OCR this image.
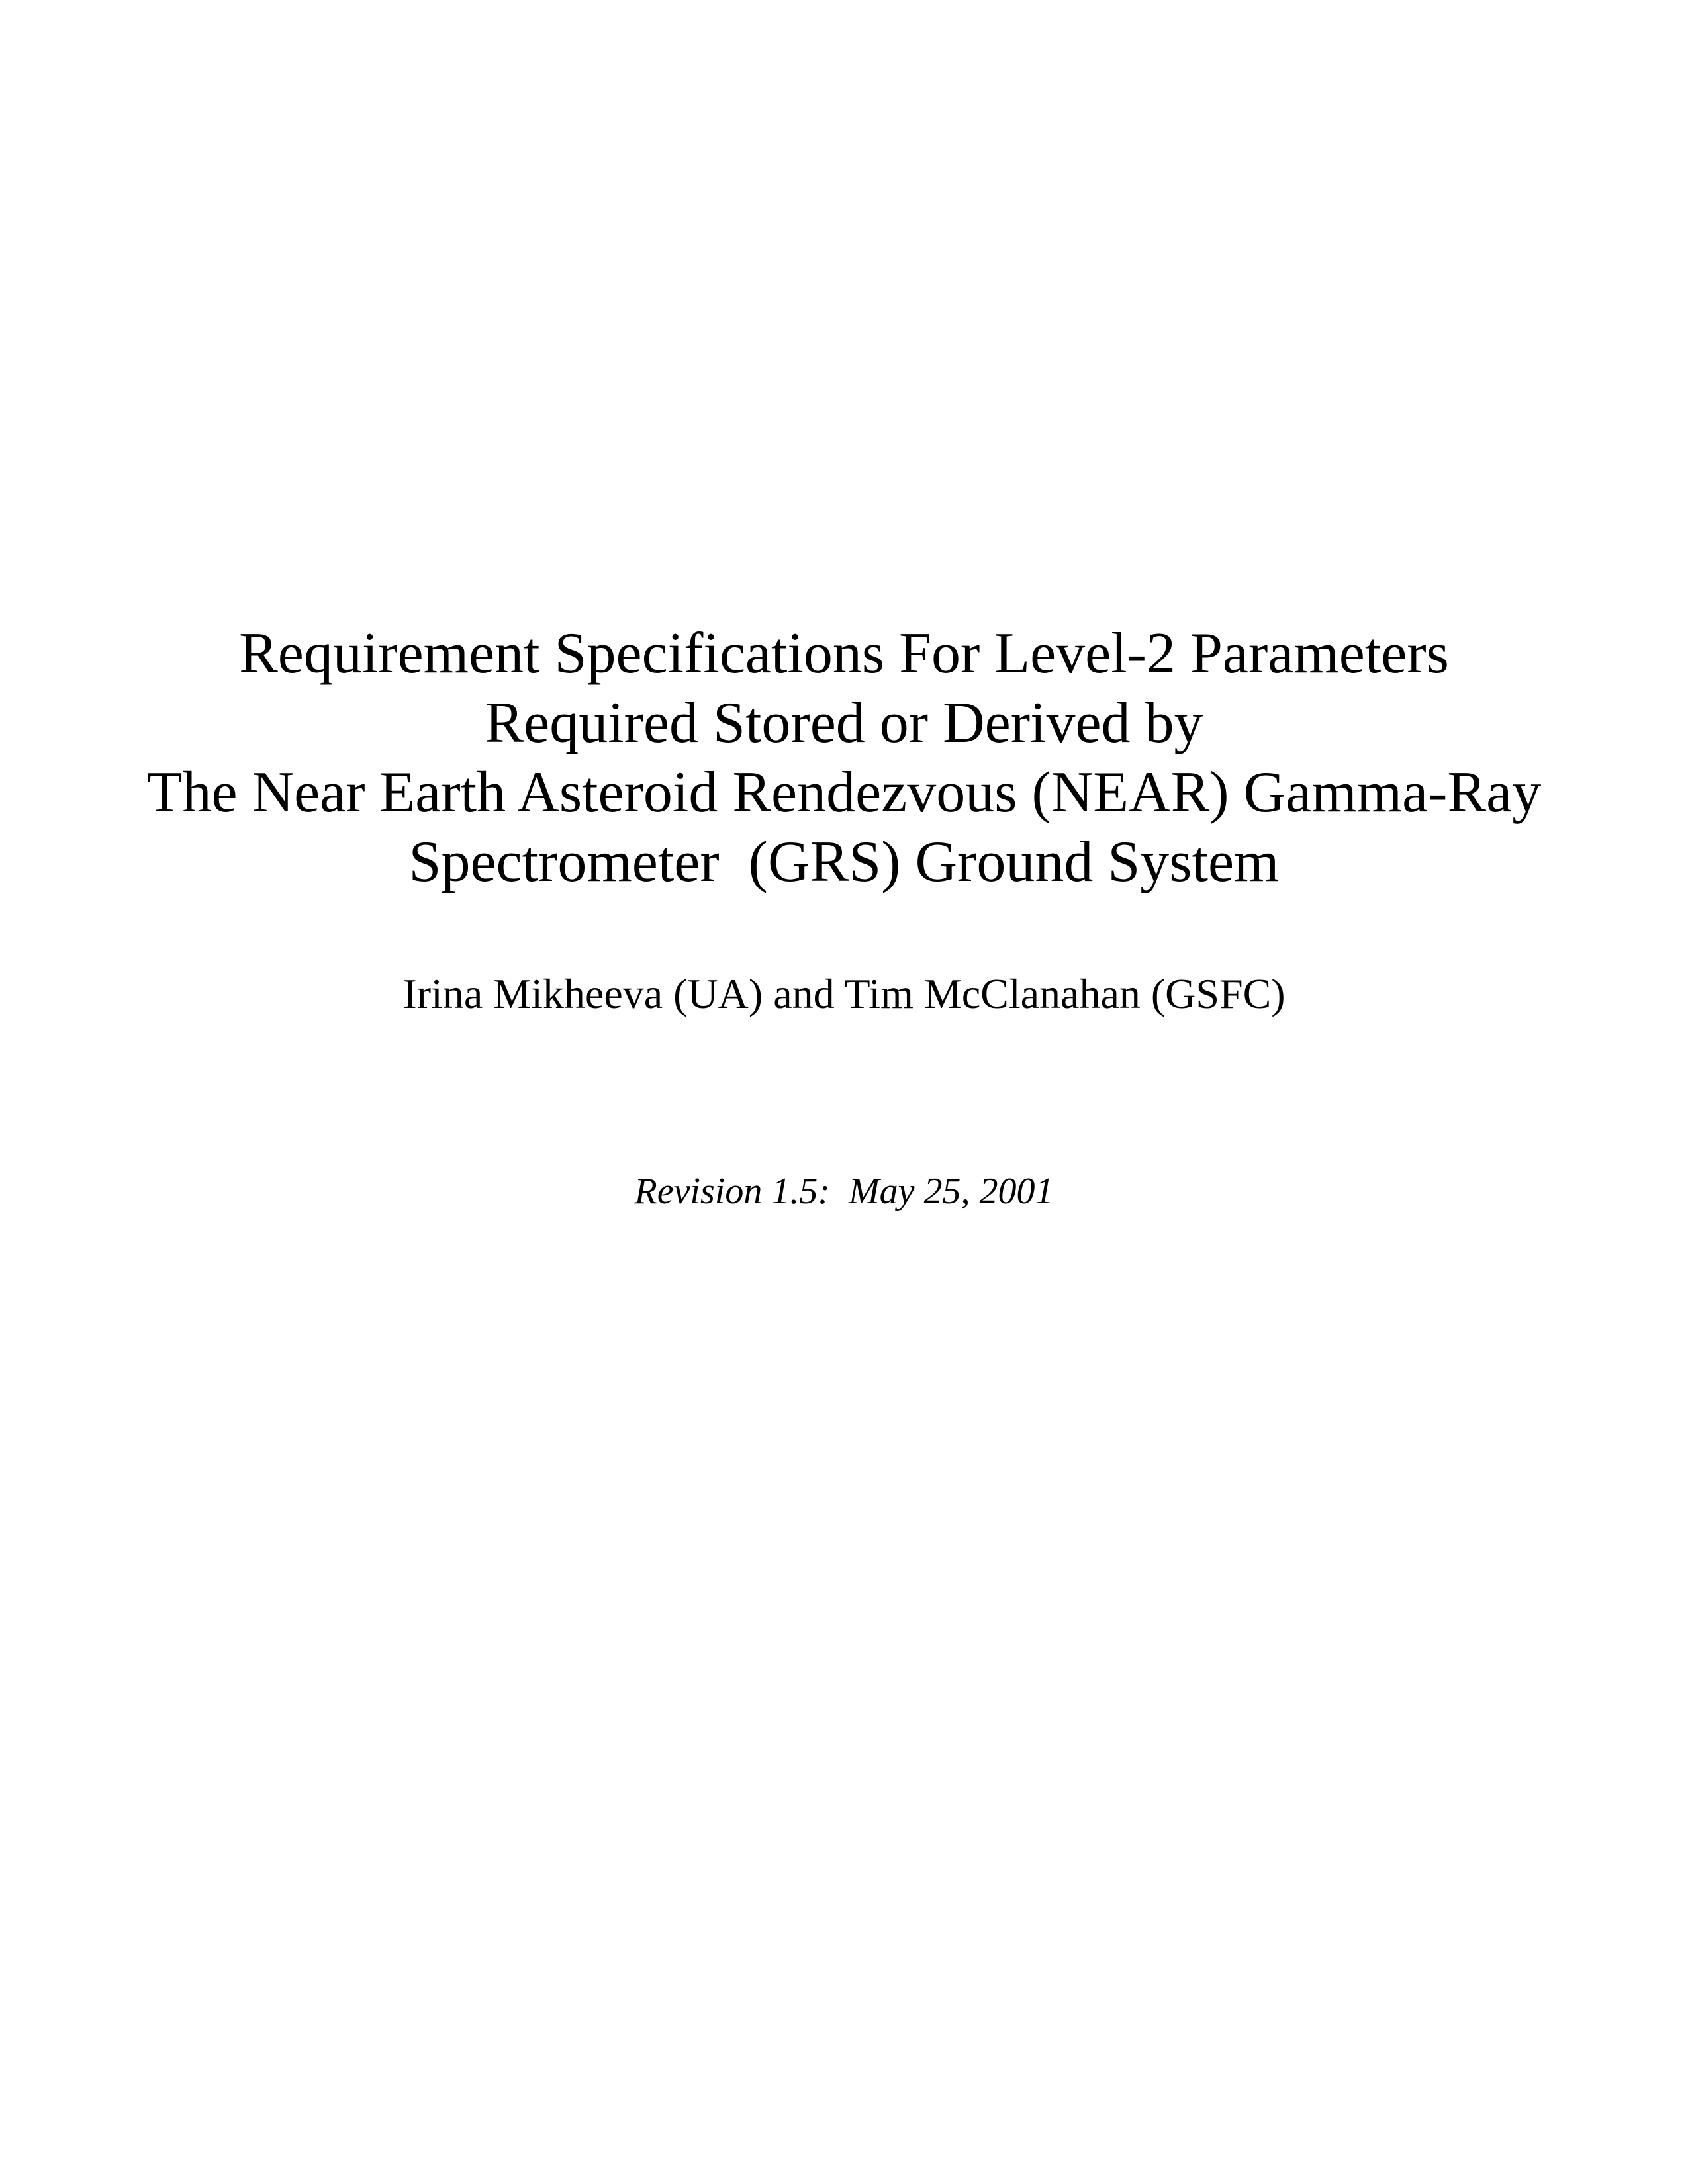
Requirement Specifications For Level-2 Parameters
Required Stored or Derived by
The Near Earth Asteroid Rendezvous (NEAR) Gamma-Ray
Spectrometer  (GRS) Ground System
Irina Mikheeva (UA) and Tim McClanahan (GSFC)
Revision 1.5:  May 25, 2001
